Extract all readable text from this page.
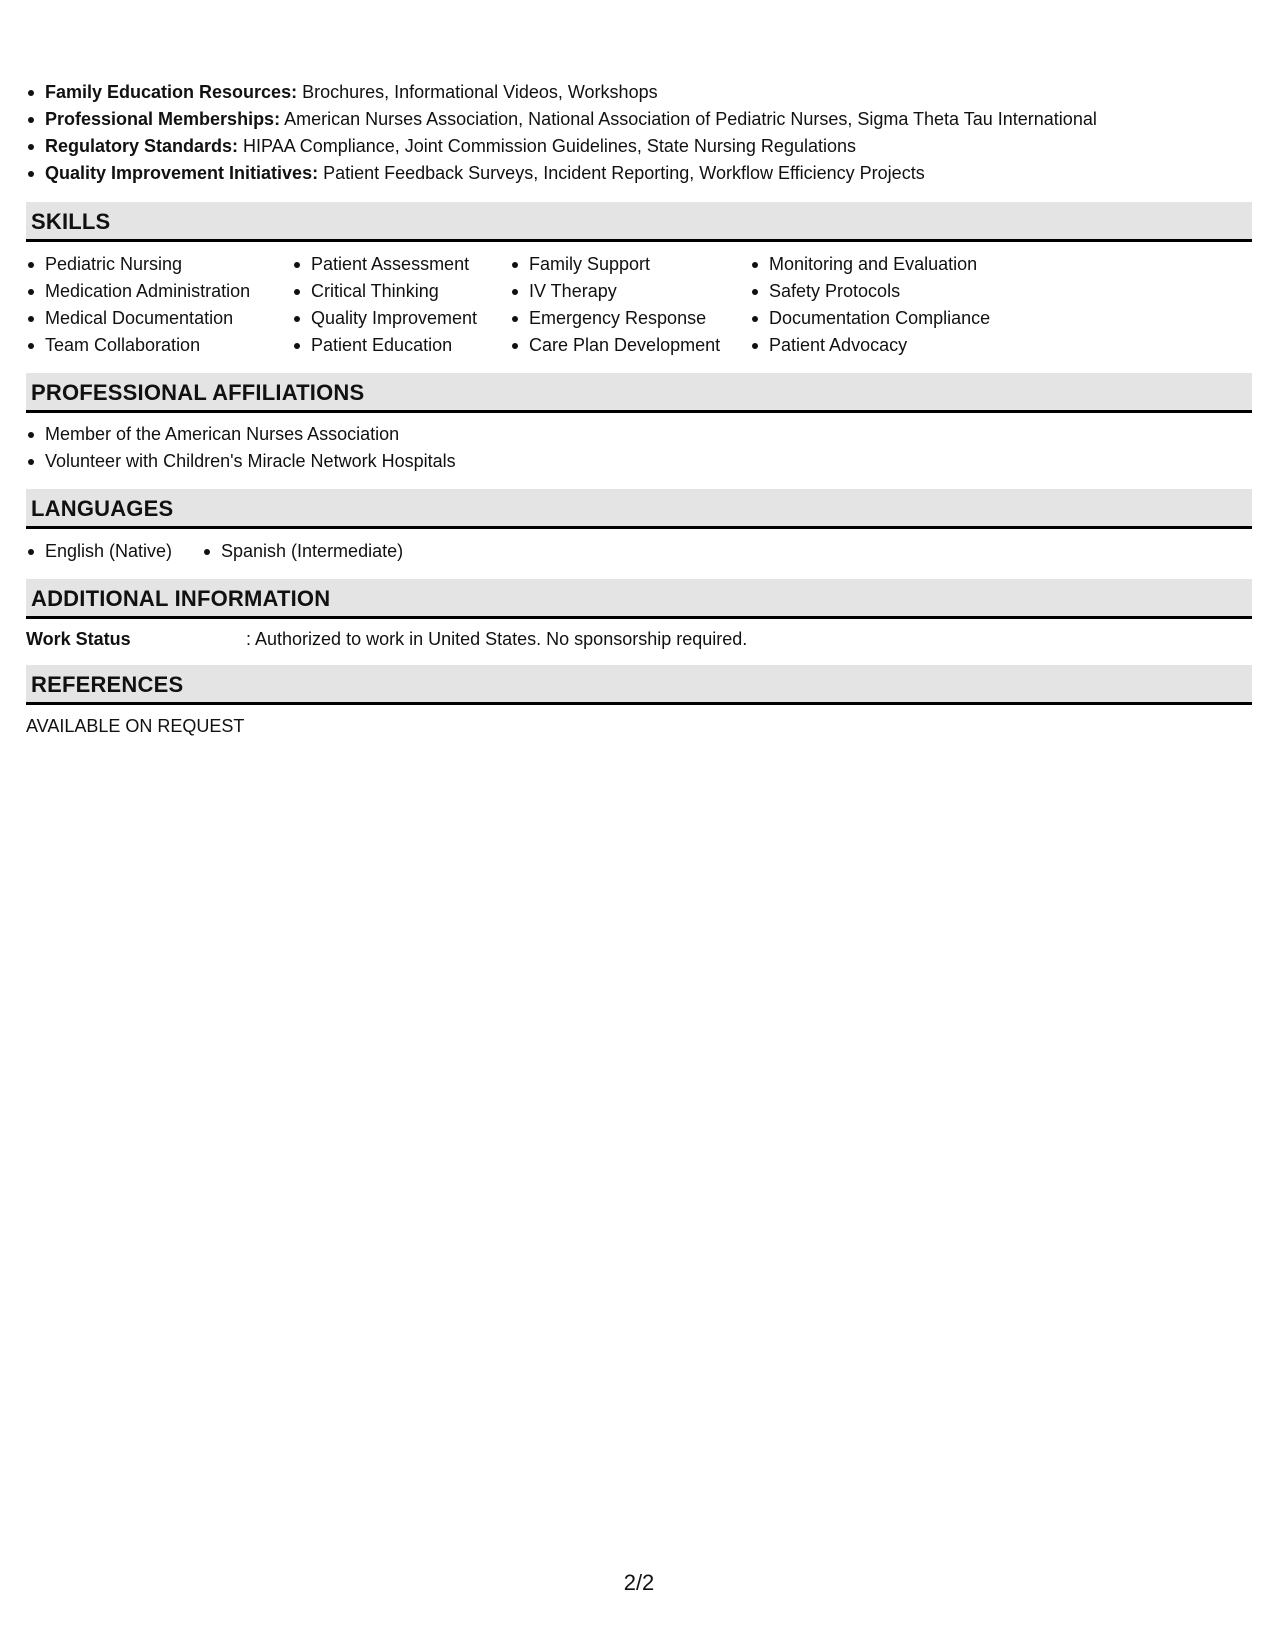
Family Education Resources: Brochures, Informational Videos, Workshops
Professional Memberships: American Nurses Association, National Association of Pediatric Nurses, Sigma Theta Tau International
Regulatory Standards: HIPAA Compliance, Joint Commission Guidelines, State Nursing Regulations
Quality Improvement Initiatives: Patient Feedback Surveys, Incident Reporting, Workflow Efficiency Projects
SKILLS
Pediatric Nursing
Medication Administration
Medical Documentation
Team Collaboration
Patient Assessment
Critical Thinking
Quality Improvement
Patient Education
Family Support
IV Therapy
Emergency Response
Care Plan Development
Monitoring and Evaluation
Safety Protocols
Documentation Compliance
Patient Advocacy
PROFESSIONAL AFFILIATIONS
Member of the American Nurses Association
Volunteer with Children's Miracle Network Hospitals
LANGUAGES
English (Native)	Spanish (Intermediate)
ADDITIONAL INFORMATION
Work Status	: Authorized to work in United States. No sponsorship required.
REFERENCES
AVAILABLE ON REQUEST
2/2
